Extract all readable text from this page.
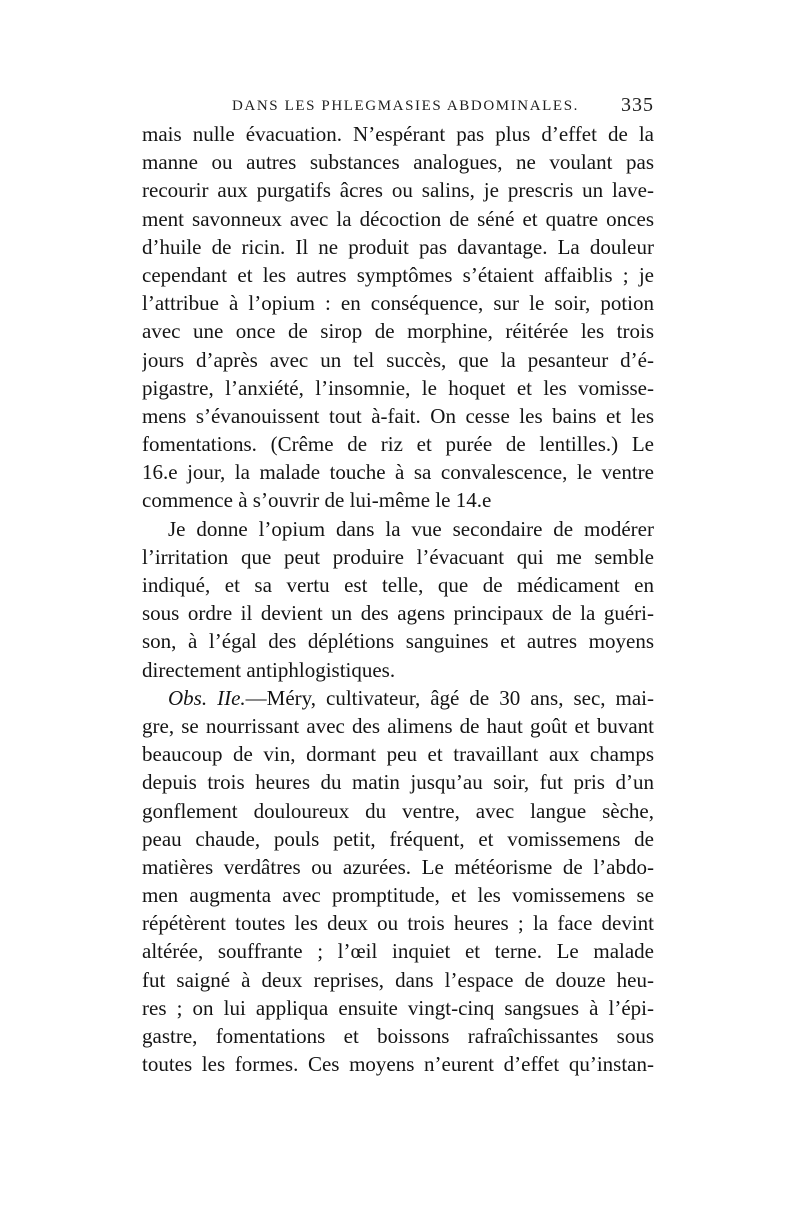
DANS LES PHLEGMASIES ABDOMINALES. 335
mais nulle évacuation. N’espérant pas plus d’effet de la
manne ou autres substances analogues, ne voulant pas
recourir aux purgatifs âcres ou salins, je prescris un lave-
ment savonneux avec la décoction de séné et quatre onces
d’huile de ricin. Il ne produit pas davantage. La douleur
cependant et les autres symptômes s’étaient affaiblis ; je
l’attribue à l’opium : en conséquence, sur le soir, potion
avec une once de sirop de morphine, réitérée les trois
jours d’après avec un tel succès, que la pesanteur d’é-
pigastre, l’anxiété, l’insomnie, le hoquet et les vomisse-
mens s’évanouissent tout à-fait. On cesse les bains et les
fomentations. (Crême de riz et purée de lentilles.) Le
16.e jour, la malade touche à sa convalescence, le ventre
commence à s’ouvrir de lui-même le 14.e
Je donne l’opium dans la vue secondaire de modérer
l’irritation que peut produire l’évacuant qui me semble
indiqué, et sa vertu est telle, que de médicament en
sous ordre il devient un des agens principaux de la guéri-
son, à l’égal des déplétions sanguines et autres moyens
directement antiphlogistiques.
Obs. IIe.—Méry, cultivateur, âgé de 30 ans, sec, mai-
gre, se nourrissant avec des alimens de haut goût et buvant
beaucoup de vin, dormant peu et travaillant aux champs
depuis trois heures du matin jusqu’au soir, fut pris d’un
gonflement douloureux du ventre, avec langue sèche,
peau chaude, pouls petit, fréquent, et vomissemens de
matières verdâtres ou azurées. Le météorisme de l’abdo-
men augmenta avec promptitude, et les vomissemens se
répétèrent toutes les deux ou trois heures ; la face devint
altérée, souffrante ; l’œil inquiet et terne. Le malade
fut saigné à deux reprises, dans l’espace de douze heu-
res ; on lui appliqua ensuite vingt-cinq sangsues à l’épi-
gastre, fomentations et boissons rafraîchissantes sous
toutes les formes. Ces moyens n’eurent d’effet qu’instan-
